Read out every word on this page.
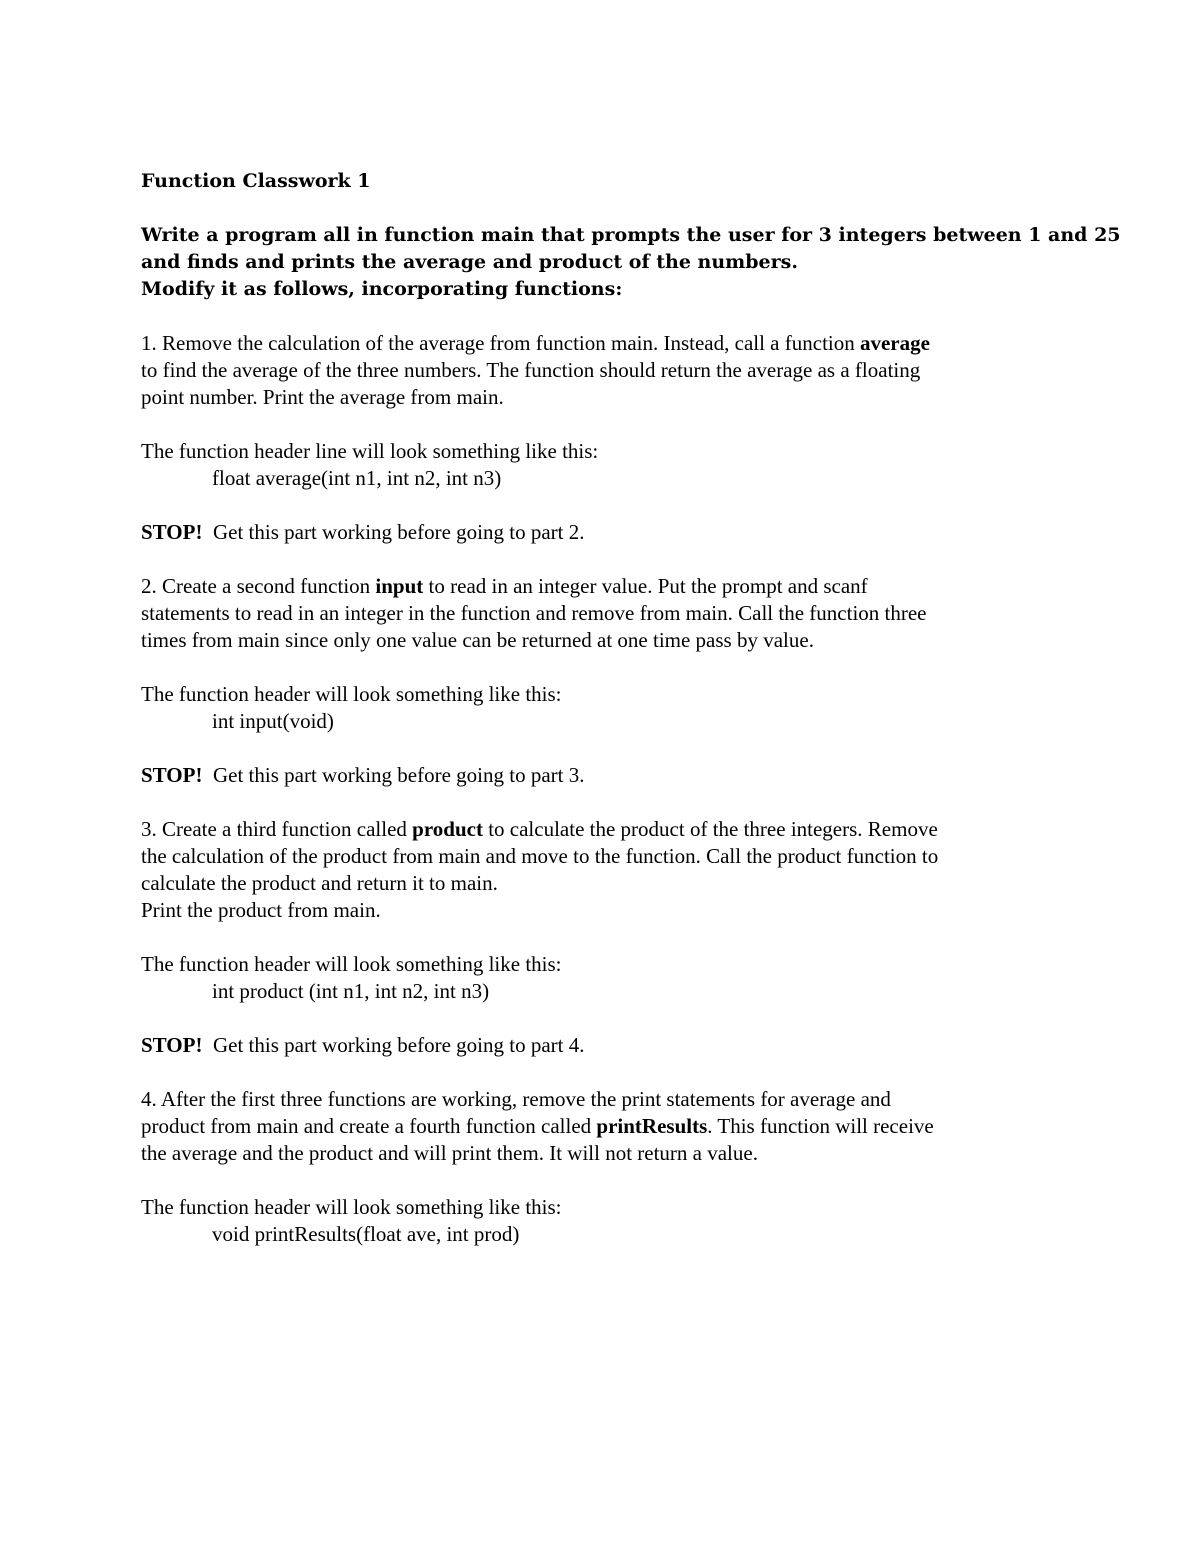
Function Classwork 1

Write a program all in function main that prompts the user for 3 integers between 1 and 25
and finds and prints the average and product of the numbers.
Modify it as follows, incorporating functions:
1. Remove the calculation of the average from function main. Instead, call a function average
to find the average of the three numbers. The function should return the average as a floating
point number. Print the average from main.

The function header line will look something like this:

float average(int n1, int n2, int n3)

STOP!  Get this part working before going to part 2.

2. Create a second function input to read in an integer value. Put the prompt and scanf
statements to read in an integer in the function and remove from main. Call the function three
times from main since only one value can be returned at one time pass by value.

The function header will look something like this:

int input(void)

STOP!  Get this part working before going to part 3.

3. Create a third function called product to calculate the product of the three integers. Remove
the calculation of the product from main and move to the function. Call the product function to
calculate the product and return it to main.
Print the product from main.

The function header will look something like this:

int product (int n1, int n2, int n3)

STOP!  Get this part working before going to part 4.

4. After the first three functions are working, remove the print statements for average and
product from main and create a fourth function called printResults. This function will receive
the average and the product and will print them. It will not return a value.

The function header will look something like this:

void printResults(float ave, int prod)
